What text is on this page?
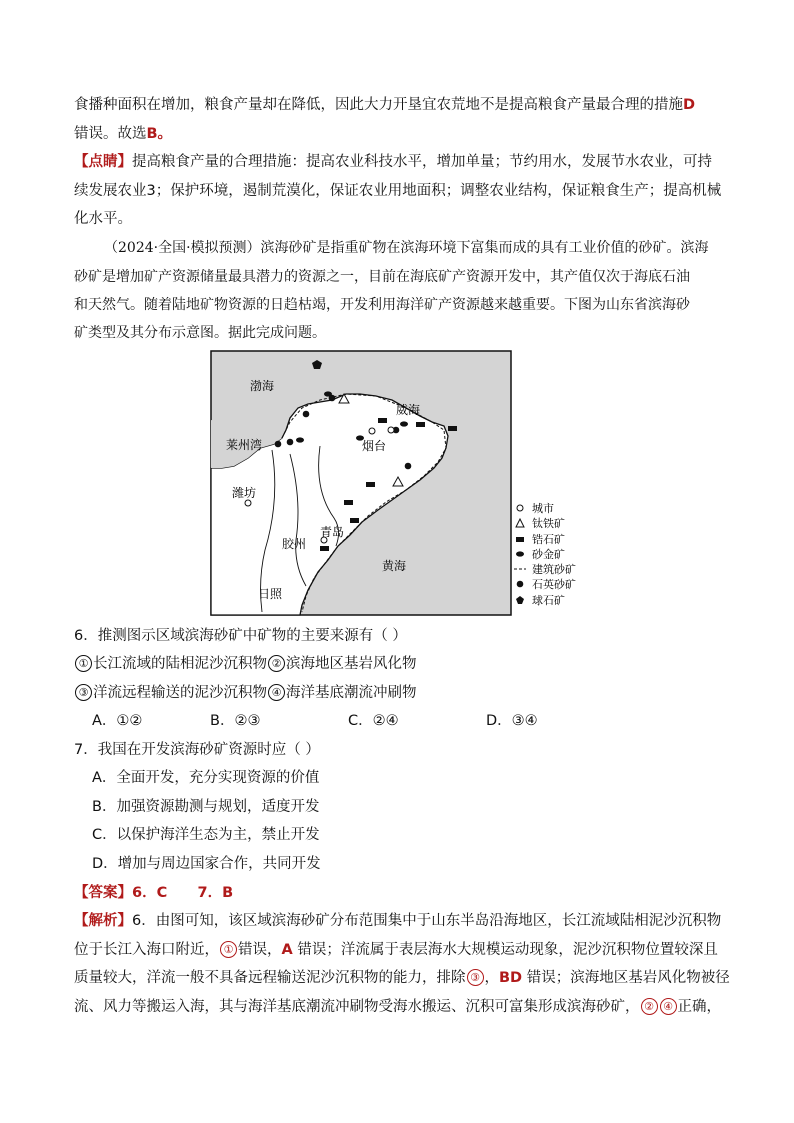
食播种面积在增加，粮食产量却在降低，因此大力开垦宜农荒地不是提高粮食产量最合理的措施D
错误。故选B。
【点睛】提高粮食产量的合理措施：提高农业科技水平，增加单量；节约用水，发展节水农业，可持
续发展农业3；保护环境，遏制荒漠化，保证农业用地面积；调整农业结构，保证粮食生产；提高机械
化水平。
（2024·全国·模拟预测）滨海砂矿是指重矿物在滨海环境下富集而成的具有工业价值的砂矿。滨海
砂矿是增加矿产资源储量最具潜力的资源之一，目前在海底矿产资源开发中，其产值仅次于海底石油
和天然气。随着陆地矿物资源的日趋枯竭，开发利用海洋矿产资源越来越重要。下图为山东省滨海砂
矿类型及其分布示意图。据此完成问题。
渤海
莱州湾
威海
烟台
潍坊
青岛
胶州
黄海
日照
城市
钛铁矿
锆石矿
砂金矿
建筑砂矿
石英砂矿
球石矿
6．推测图示区域滨海砂矿中矿物的主要来源有（ ）
① 长江流域的陆相泥沙沉积物 ② 滨海地区基岩风化物
③ 洋流远程输送的泥沙沉积物 ④ 海洋基底潮流冲刷物
A．①②	B．②③	C．②④	D．③④
7．我国在开发滨海砂矿资源时应（ ）
A．全面开发，充分实现资源的价值
B．加强资源勘测与规划，适度开发
C．以保护海洋生态为主，禁止开发
D．增加与周边国家合作，共同开发
【答案】6．C      7．B
【解析】6．由图可知，该区域滨海砂矿分布范围集中于山东半岛沿海地区，长江流域陆相泥沙沉积物
位于长江入海口附近， ① 错误，A 错误；洋流属于表层海水大规模运动现象，泥沙沉积物位置较深且
质量较大，洋流一般不具备远程输送泥沙沉积物的能力，排除 ③ ，BD 错误；滨海地区基岩风化物被径
流、风力等搬运入海，其与海洋基底潮流冲刷物受海水搬运、沉积可富集形成滨海砂矿， ② ④ 正确，
